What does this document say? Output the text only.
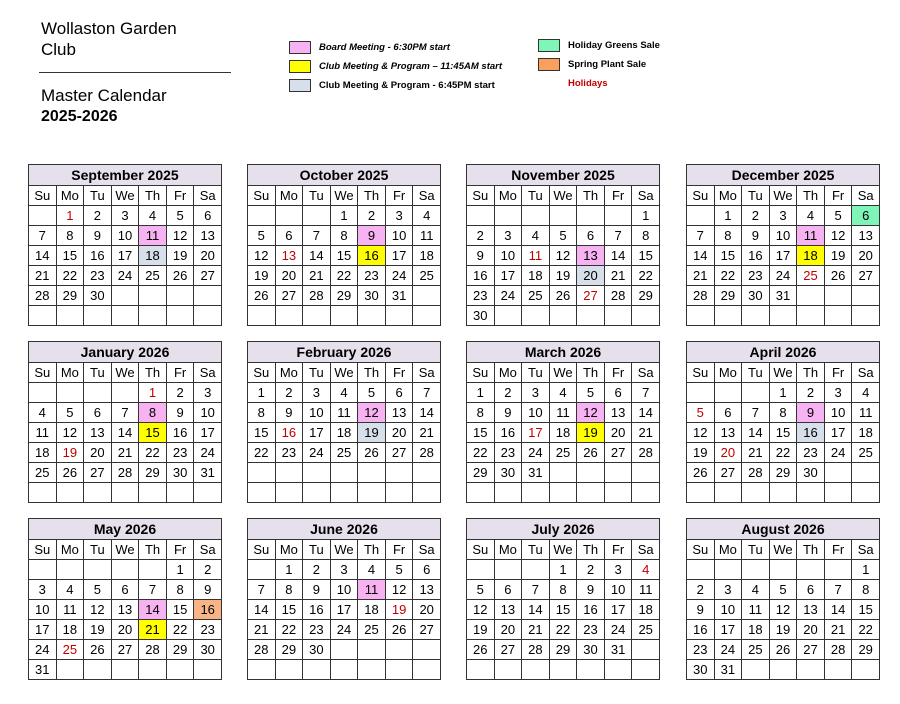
Wollaston Garden Club
Master Calendar
2025-2026
Board Meeting - 6:30PM start
Club Meeting & Program – 11:45AM start
Club Meeting & Program - 6:45PM start
Holiday Greens Sale
Spring Plant Sale
Holidays
September 2025						
Su	Mo	Tu	We	Th	Fr	Sa
	1	2	3	4	5	6
7	8	9	10	11	12	13
14	15	16	17	18	19	20
21	22	23	24	25	26	27
28	29	30				

October 2025						
Su	Mo	Tu	We	Th	Fr	Sa
			1	2	3	4
5	6	7	8	9	10	11
12	13	14	15	16	17	18
19	20	21	22	23	24	25
26	27	28	29	30	31	

November 2025						
Su	Mo	Tu	We	Th	Fr	Sa
						1
2	3	4	5	6	7	8
9	10	11	12	13	14	15
16	17	18	19	20	21	22
23	24	25	26	27	28	29
30						
December 2025						
Su	Mo	Tu	We	Th	Fr	Sa
	1	2	3	4	5	6
7	8	9	10	11	12	13
14	15	16	17	18	19	20
21	22	23	24	25	26	27
28	29	30	31			

January 2026						
Su	Mo	Tu	We	Th	Fr	Sa
				1	2	3
4	5	6	7	8	9	10
11	12	13	14	15	16	17
18	19	20	21	22	23	24
25	26	27	28	29	30	31

February 2026						
Su	Mo	Tu	We	Th	Fr	Sa
1	2	3	4	5	6	7
8	9	10	11	12	13	14
15	16	17	18	19	20	21
22	23	24	25	26	27	28

March 2026						
Su	Mo	Tu	We	Th	Fr	Sa
1	2	3	4	5	6	7
8	9	10	11	12	13	14
15	16	17	18	19	20	21
22	23	24	25	26	27	28
29	30	31				

April 2026						
Su	Mo	Tu	We	Th	Fr	Sa
			1	2	3	4
5	6	7	8	9	10	11
12	13	14	15	16	17	18
19	20	21	22	23	24	25
26	27	28	29	30		

May 2026						
Su	Mo	Tu	We	Th	Fr	Sa
					1	2
3	4	5	6	7	8	9
10	11	12	13	14	15	16
17	18	19	20	21	22	23
24	25	26	27	28	29	30
31						
June 2026						
Su	Mo	Tu	We	Th	Fr	Sa
	1	2	3	4	5	6
7	8	9	10	11	12	13
14	15	16	17	18	19	20
21	22	23	24	25	26	27
28	29	30				

July 2026						
Su	Mo	Tu	We	Th	Fr	Sa
			1	2	3	4
5	6	7	8	9	10	11
12	13	14	15	16	17	18
19	20	21	22	23	24	25
26	27	28	29	30	31	

August 2026						
Su	Mo	Tu	We	Th	Fr	Sa
						1
2	3	4	5	6	7	8
9	10	11	12	13	14	15
16	17	18	19	20	21	22
23	24	25	26	27	28	29
30	31					
